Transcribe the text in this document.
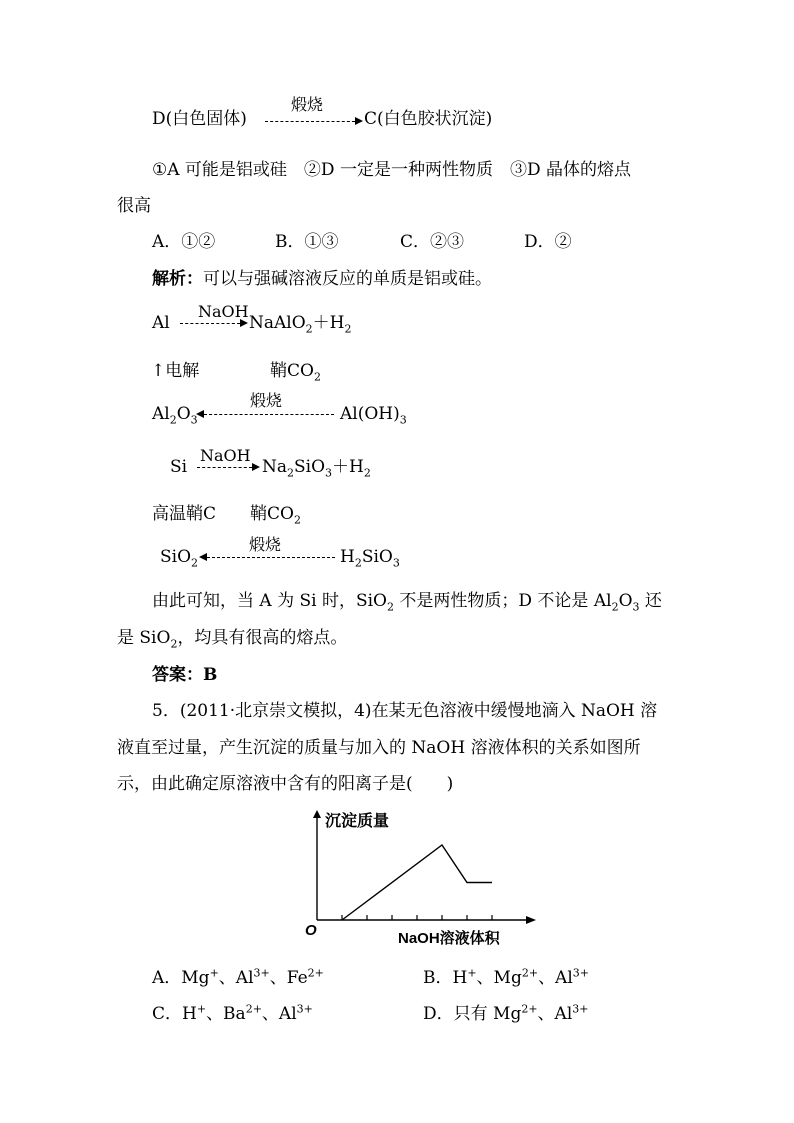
D(白色固体)
煅烧
C(白色胶状沉淀)
①A 可能是铝或硅　②D 一定是一种两性物质　③D 晶体的熔点
很高
A．①②	B．①③	C．②③	D．②
解析：可以与强碱溶液反应的单质是铝或硅。
Al
NaOH
$NaAlO_2+H_2$
↑电解	鞘$CO_2$
$Al_2O_3$
煅烧
$Al(OH)_3$
Si
NaOH
$Na_2SiO_3+H_2$
高温鞘C 鞘$CO_2$
SiO$_2$
煅烧
$H_2SiO_3$
由此可知，当 A 为 Si 时，SiO$_2$ 不是两性物质；D 不论是 $Al_2O_3$ 还
是 SiO$_2$，均具有很高的熔点。
答案：B
5．(2011·北京崇文模拟，4)在某无色溶液中缓慢地滴入 NaOH 溶
液直至过量，产生沉淀的质量与加入的 NaOH 溶液体积的关系如图所
示，由此确定原溶液中含有的阳离子是(　　)
沉淀质量
NaOH溶液体积
O
A．Mg+、$Al^{3+}$、$Fe^{2+}$	B．H+、$Mg^{2+}$、$Al^{3+}$
C．H+、$Ba^{2+}$、$Al^{3+}$	D．只有 $Mg^{2+}$、$Al^{3+}$
